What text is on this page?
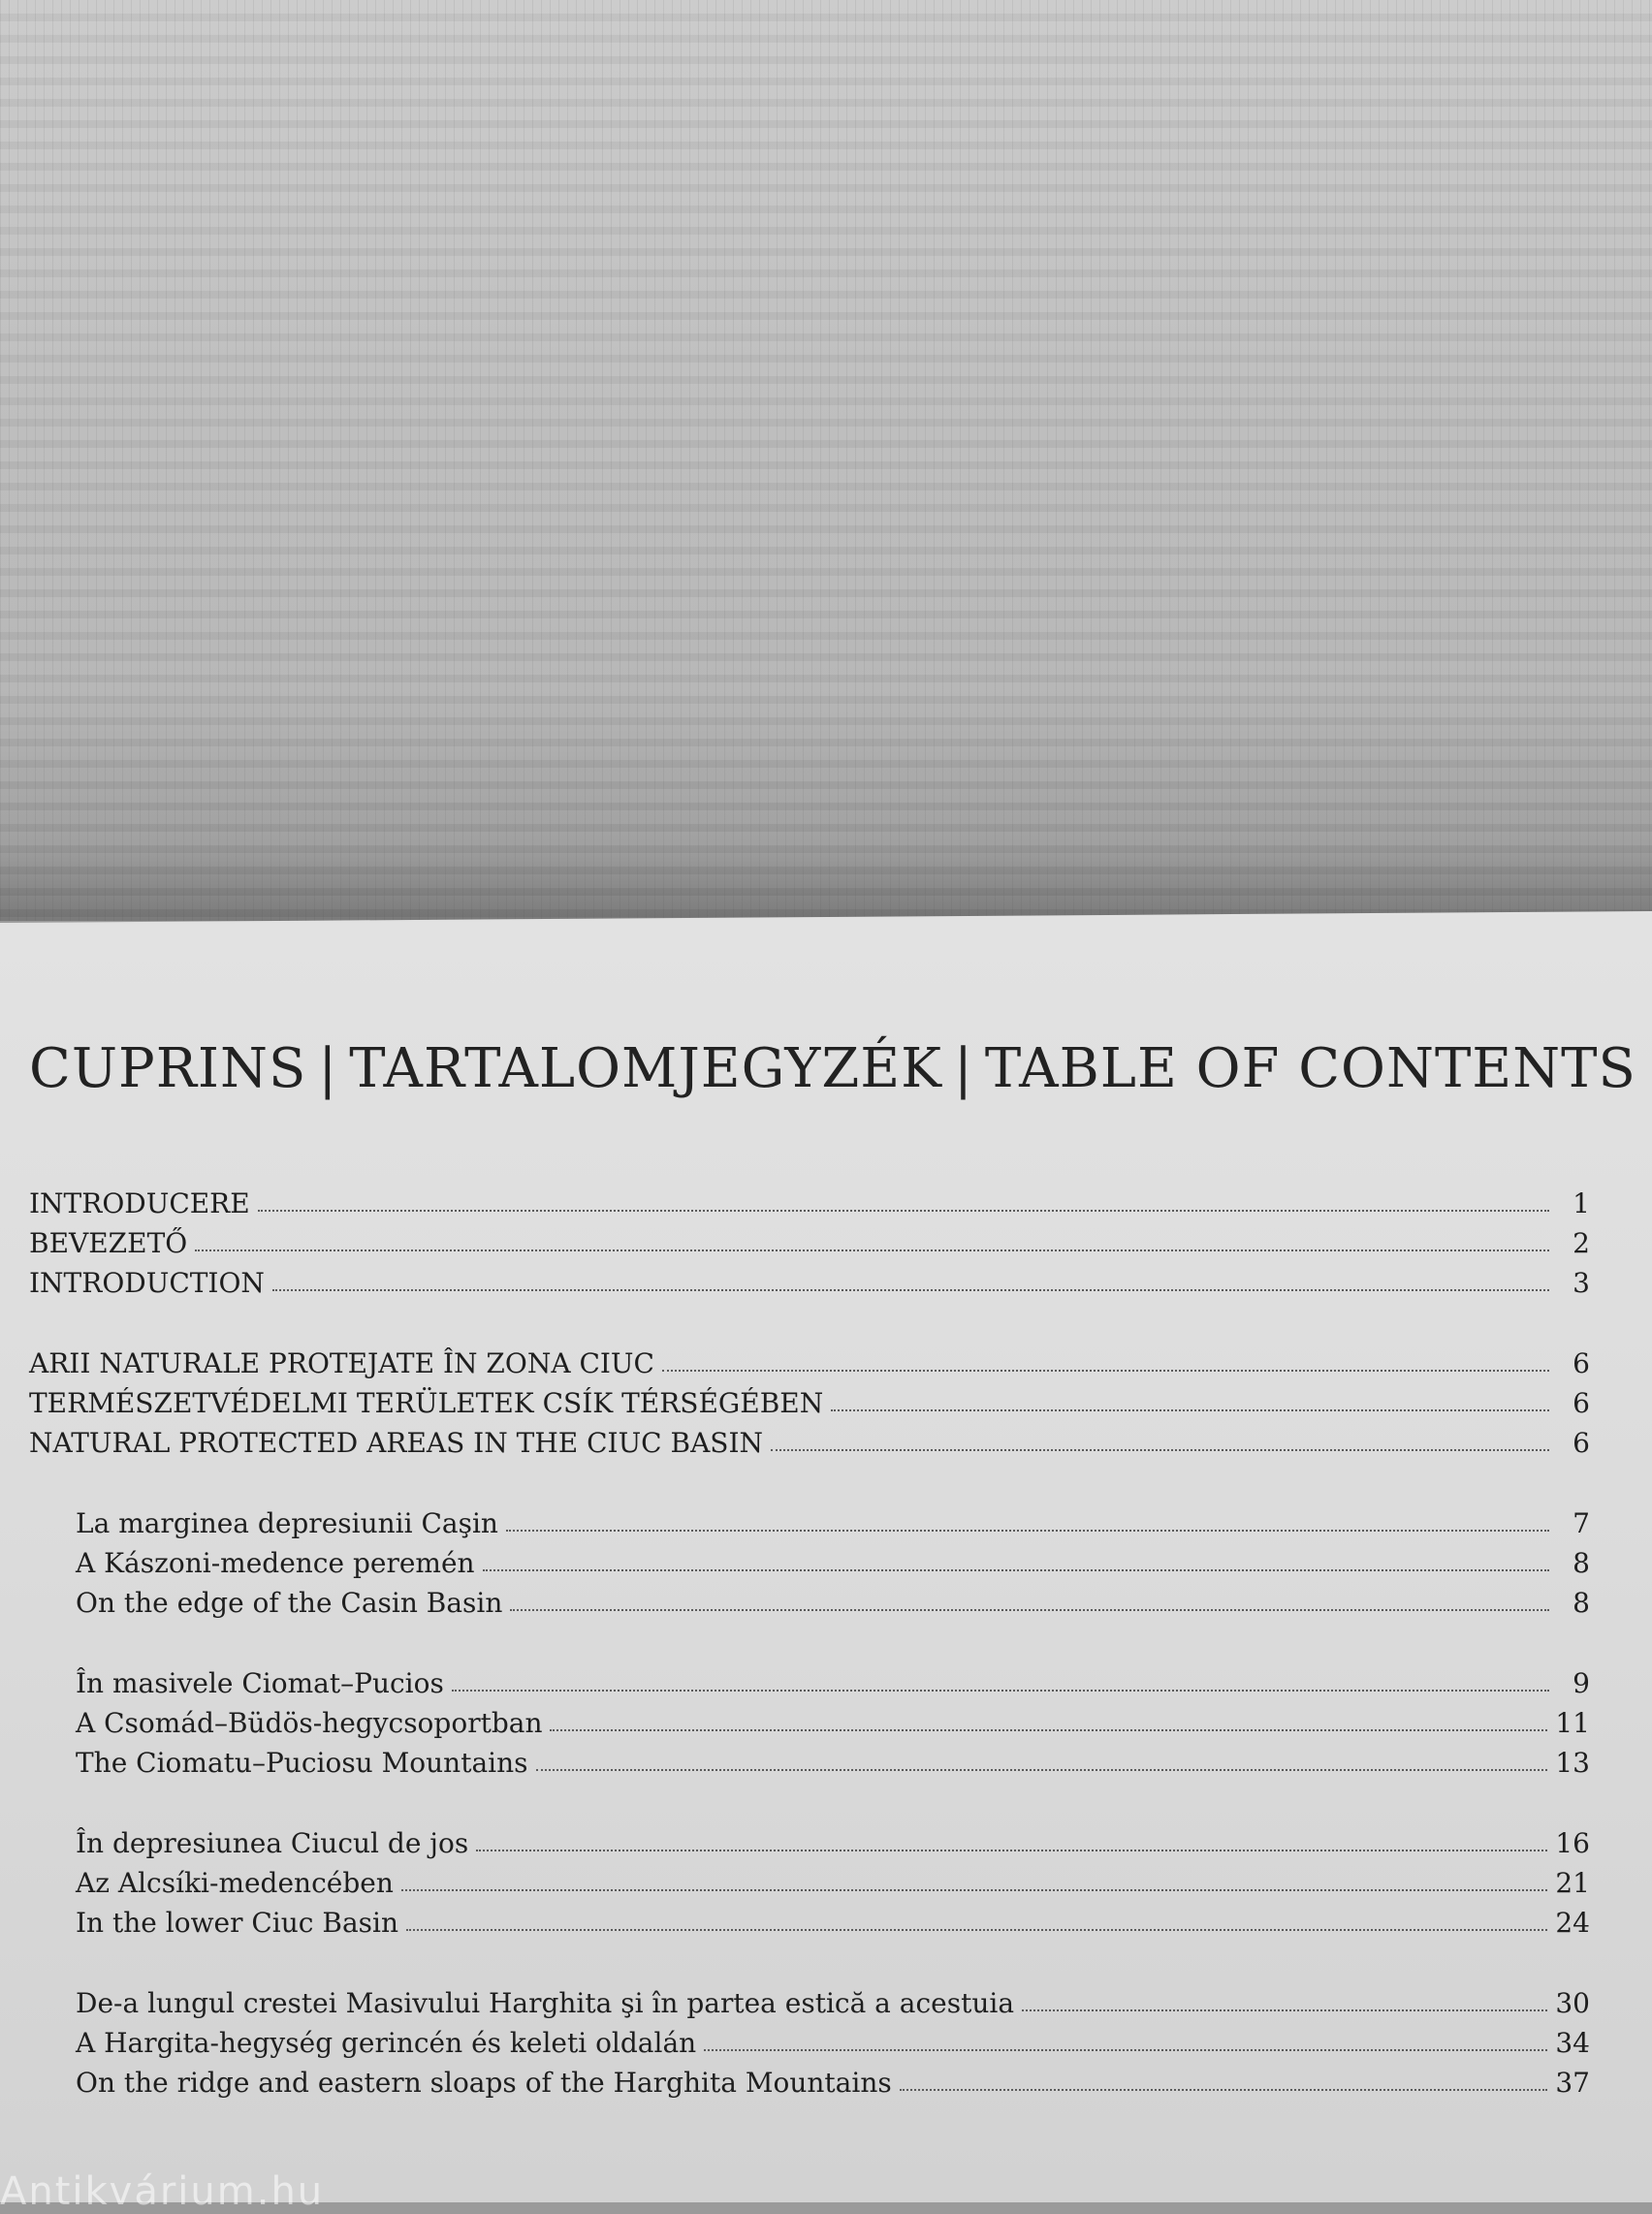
CUPRINS | TARTALOMJEGYZÉK | TABLE OF CONTENTS
INTRODUCERE	1
BEVEZETŐ	2
INTRODUCTION	3
ARII NATURALE PROTEJATE ÎN ZONA CIUC	6
TERMÉSZETVÉDELMI TERÜLETEK CSÍK TÉRSÉGÉBEN	6
NATURAL PROTECTED AREAS IN THE CIUC BASIN	6
La marginea depresiunii Caşin	7
A Kászoni-medence peremén	8
On the edge of the Casin Basin	8
În masivele Ciomat–Pucios	9
A Csomád–Büdös-hegycsoportban	11
The Ciomatu–Puciosu Mountains	13
În depresiunea Ciucul de jos	16
Az Alcsíki-medencében	21
In the lower Ciuc Basin	24
De-a lungul crestei Masivului Harghita şi în partea estică a acestuia	30
A Hargita-hegység gerincén és keleti oldalán	34
On the ridge and eastern sloaps of the Harghita Mountains	37
Antikvárium.hu
